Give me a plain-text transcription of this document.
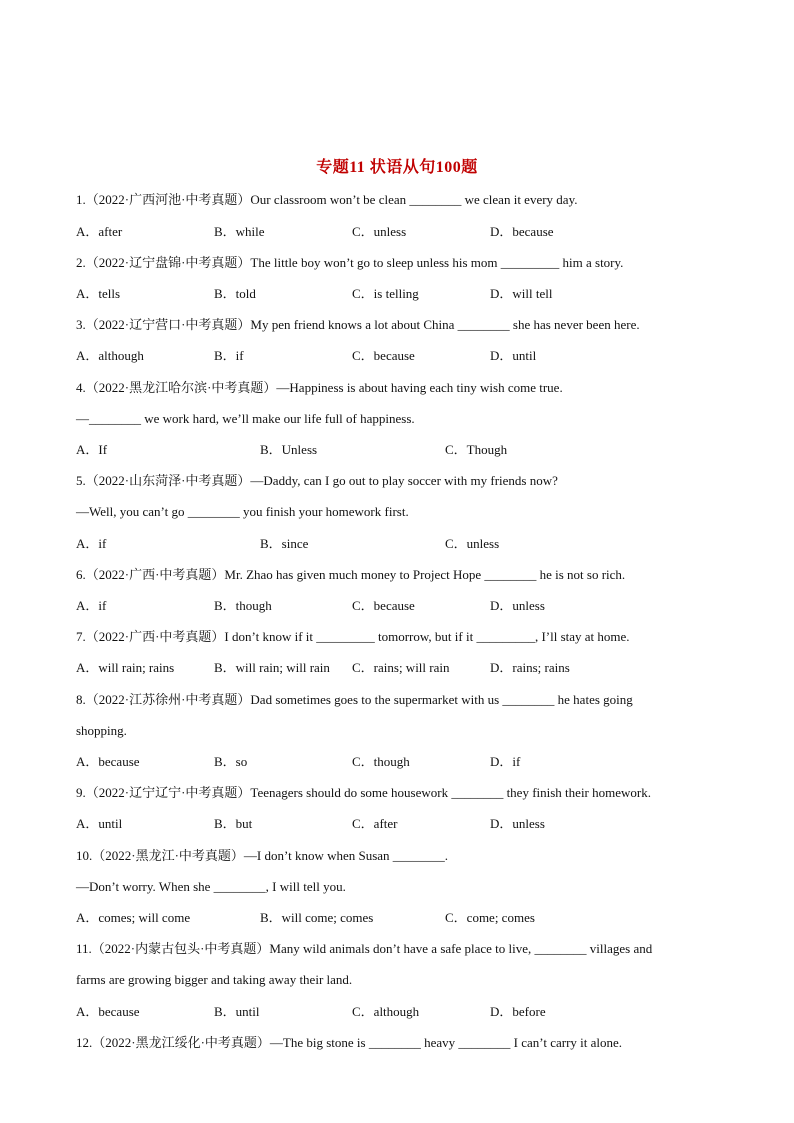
专题11 状语从句100题
1.（2022·广西河池·中考真题）Our classroom won’t be clean ________ we clean it every day.
A．after	B．while	C．unless	D．because
2.（2022·辽宁盘锦·中考真题）The little boy won’t go to sleep unless his mom _________ him a story.
A．tells	B．told	C．is telling	D．will tell
3.（2022·辽宁营口·中考真题）My pen friend knows a lot about China ________ she has never been here.
A．although	B．if	C．because	D．until
4.（2022·黑龙江哈尔滨·中考真题）—Happiness is about having each tiny wish come true.
—________ we work hard, we’ll make our life full of happiness.
A．If	B．Unless	C．Though
5.（2022·山东菏泽·中考真题）—Daddy, can I go out to play soccer with my friends now?
—Well, you can’t go ________ you finish your homework first.
A．if	B．since	C．unless
6.（2022·广西·中考真题）Mr. Zhao has given much money to Project Hope ________ he is not so rich.
A．if	B．though	C．because	D．unless
7.（2022·广西·中考真题）I don’t know if it _________ tomorrow, but if it _________, I’ll stay at home.
A．will rain; rains	B．will rain; will rain C．rains; will rain	D．rains; rains
8.（2022·江苏徐州·中考真题）Dad sometimes goes to the supermarket with us ________ he hates going
shopping.
A．because	B．so	C．though	D．if
9.（2022·辽宁辽宁·中考真题）Teenagers should do some housework ________ they finish their homework.
A．until	B．but	C．after	D．unless
10.（2022·黑龙江·中考真题）—I don’t know when Susan ________.
—Don’t worry. When she ________, I will tell you.
A．comes; will come	B．will come; comes	C．come; comes
11.（2022·内蒙古包头·中考真题）Many wild animals don’t have a safe place to live, ________ villages and
farms are growing bigger and taking away their land.
A．because	B．until	C．although	D．before
12.（2022·黑龙江绥化·中考真题）—The big stone is ________ heavy ________ I can’t carry it alone.
